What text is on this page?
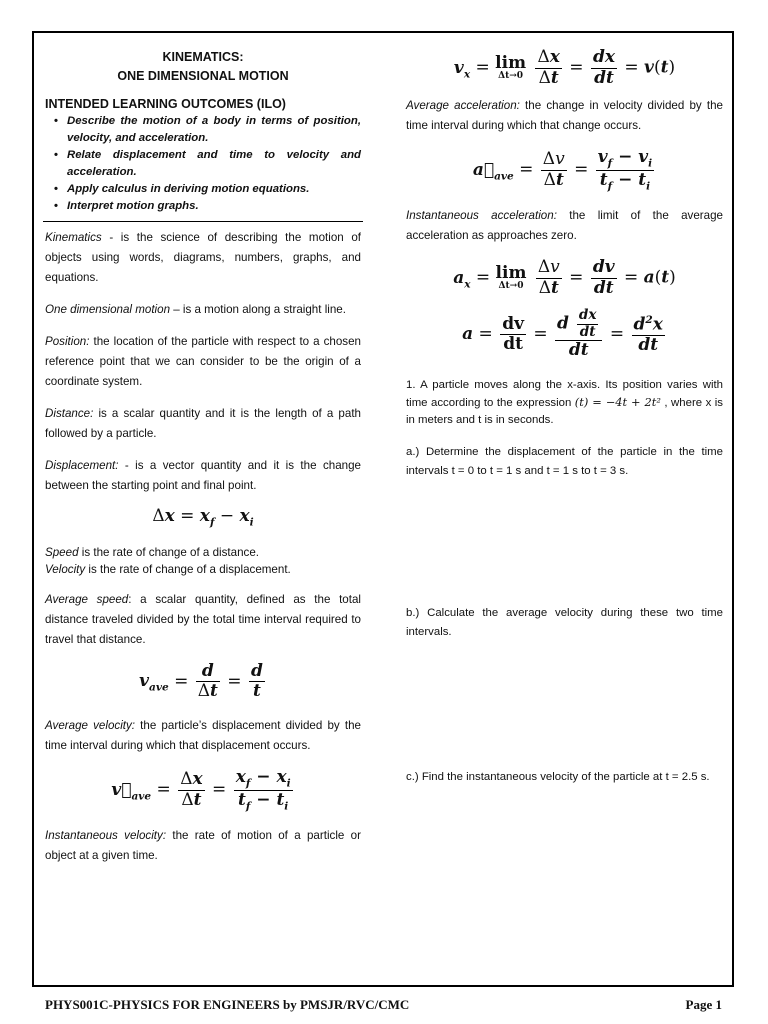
KINEMATICS:
ONE DIMENSIONAL MOTION
INTENDED LEARNING OUTCOMES (ILO)
• Describe the motion of a body in terms of position, velocity, and acceleration.
• Relate displacement and time to velocity and acceleration.
• Apply calculus in deriving motion equations.
• Interpret motion graphs.

Kinematics - is the science of describing the motion of objects using words, diagrams, numbers, graphs, and equations.

One dimensional motion – is a motion along a straight line.

Position: the location of the particle with respect to a chosen reference point that we can consider to be the origin of a coordinate system.

Distance: is a scalar quantity and it is the length of a path followed by a particle.

Displacement: - is a vector quantity and it is the change between the starting point and final point.

$\Delta x = x_f - x_i$

Speed is the rate of change of a distance.
Velocity is the rate of change of a displacement.

Average speed: a scalar quantity, defined as the total distance traveled divided by the total time interval required to travel that distance.

$v_{ave} = \frac{d}{\Delta t} = \frac{d}{t}$

Average velocity: the particle’s displacement divided by the time interval during which that displacement occurs.

$v⃗_{ave} = \frac{\Delta x}{\Delta t} = \frac{x_f - x_i}{t_f - t_i}$

Instantaneous velocity: the rate of motion of a particle or object at a given time.

$v_x = \lim$
Δt→0
$\frac{\Delta x}{\Delta t} = \frac{dx}{dt} = v(t)$

Average acceleration: the change in velocity divided by the time interval during which that change occurs.

$a⃗_{ave} = \frac{\Delta v}{\Delta t} = \frac{v_f - v_i}{t_f - t_i}$

Instantaneous acceleration: the limit of the average acceleration as approaches zero.

$a_x = \lim$
Δt→0
$\frac{\Delta v}{\Delta t} = \frac{dv}{dt} = a(t)$
$a = \frac{dv}{dt} = \frac{d \frac{dx}{dt}}{dt} = \frac{d^2x}{dt}$

1. A particle moves along the x-axis. Its position varies with time according to the expression (t) = −4t + 2t² , where x is in meters and t is in seconds.

a.) Determine the displacement of the particle in the time intervals t = 0 to t = 1 s and t = 1 s to t = 3 s.

b.) Calculate the average velocity during these two time intervals.

c.) Find the instantaneous velocity of the particle at t = 2.5 s.

PHYS001C-PHYSICS FOR ENGINEERS by PMSJR/RVC/CMC	Page 1
